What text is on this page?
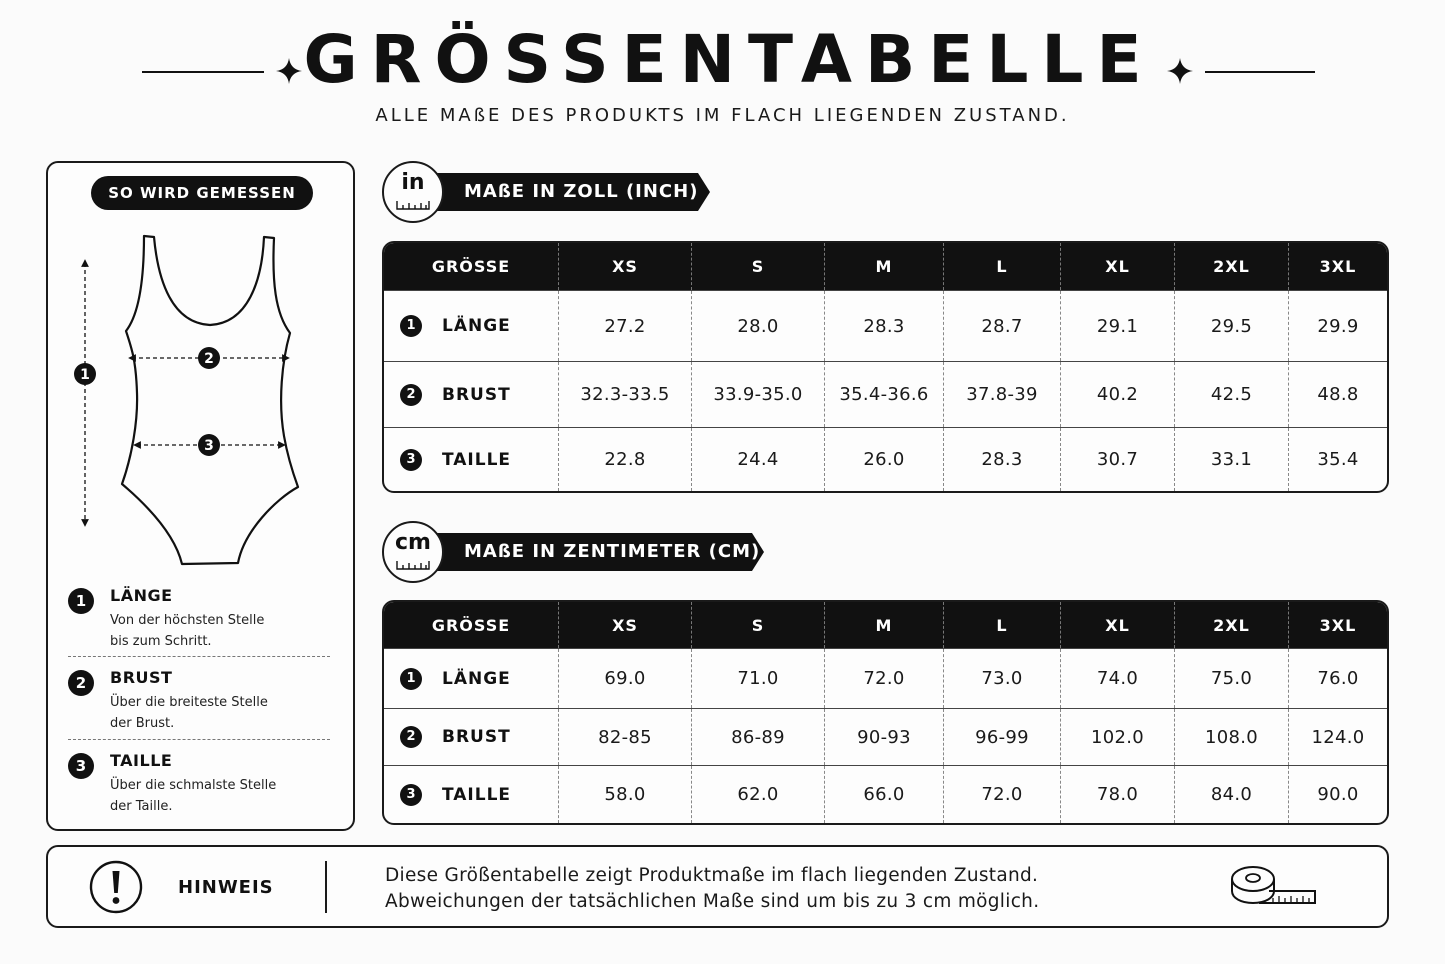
GRÖSSENTABELLE
ALLE MAßE DES PRODUKTS IM FLACH LIEGENDEN ZUSTAND.
SO WIRD GEMESSEN
1
2
3
1	LÄNGE
Von der höchsten Stelle
bis zum Schritt.
2	BRUST
Über die breiteste Stelle
der Brust.
3	TAILLE
Über die schmalste Stelle
der Taille.
MAßE IN ZOLL (INCH)
in
GRÖSSE	XS	S	M	L	XL	2XL	3XL
1	LÄNGE	27.2	28.0	28.3	28.7	29.1	29.5	29.9
2	BRUST	32.3-33.5	33.9-35.0	35.4-36.6	37.8-39	40.2	42.5	48.8
3	TAILLE	22.8	24.4	26.0	28.3	30.7	33.1	35.4
MAßE IN ZENTIMETER (CM)
cm
GRÖSSE	XS	S	M	L	XL	2XL	3XL
1	LÄNGE	69.0	71.0	72.0	73.0	74.0	75.0	76.0
2	BRUST	82-85	86-89	90-93	96-99	102.0	108.0	124.0
3	TAILLE	58.0	62.0	66.0	72.0	78.0	84.0	90.0
HINWEIS
Diese Größentabelle zeigt Produktmaße im flach liegenden Zustand.
Abweichungen der tatsächlichen Maße sind um bis zu 3 cm möglich.
